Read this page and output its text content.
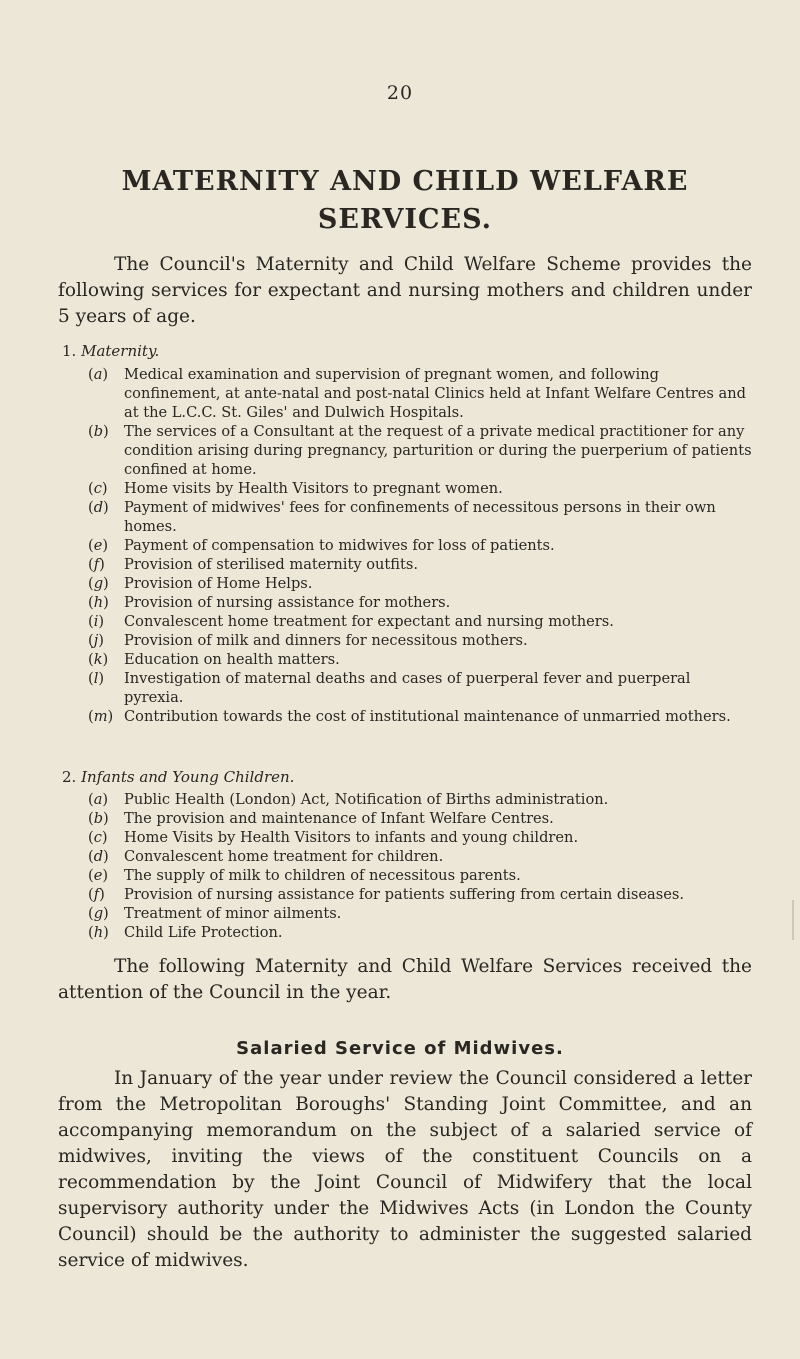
20
MATERNITY AND CHILD WELFARE
SERVICES.

The Council's Maternity and Child Welfare Scheme provides the following services for expectant and nursing mothers and children under 5 years of age.

1. Maternity.

(a) Medical examination and supervision of pregnant women, and following confinement, at ante-natal and post-natal Clinics held at Infant Welfare Centres and at the L.C.C. St. Giles' and Dulwich Hospitals.
(b) The services of a Consultant at the request of a private medical practitioner for any condition arising during pregnancy, parturition or during the puerperium of patients confined at home.
(c) Home visits by Health Visitors to pregnant women.
(d) Payment of midwives' fees for confinements of necessitous persons in their own homes.
(e) Payment of compensation to midwives for loss of patients.
(f) Provision of sterilised maternity outfits.
(g) Provision of Home Helps.
(h) Provision of nursing assistance for mothers.
(i) Convalescent home treatment for expectant and nursing mothers.
(j) Provision of milk and dinners for necessitous mothers.
(k) Education on health matters.
(l) Investigation of maternal deaths and cases of puerperal fever and puerperal pyrexia.
(m) Contribution towards the cost of institutional maintenance of unmarried mothers.

2. Infants and Young Children.

(a) Public Health (London) Act, Notification of Births administration.
(b) The provision and maintenance of Infant Welfare Centres.
(c) Home Visits by Health Visitors to infants and young children.
(d) Convalescent home treatment for children.
(e) The supply of milk to children of necessitous parents.
(f) Provision of nursing assistance for patients suffering from certain diseases.
(g) Treatment of minor ailments.
(h) Child Life Protection.

The following Maternity and Child Welfare Services received the attention of the Council in the year.

Salaried Service of Midwives.

In January of the year under review the Council considered a letter from the Metropolitan Boroughs' Standing Joint Committee, and an accompanying memorandum on the subject of a salaried service of midwives, inviting the views of the constituent Councils on a recommendation by the Joint Council of Midwifery that the local supervisory authority under the Midwives Acts (in London the County Council) should be the authority to administer the suggested salaried service of midwives.
